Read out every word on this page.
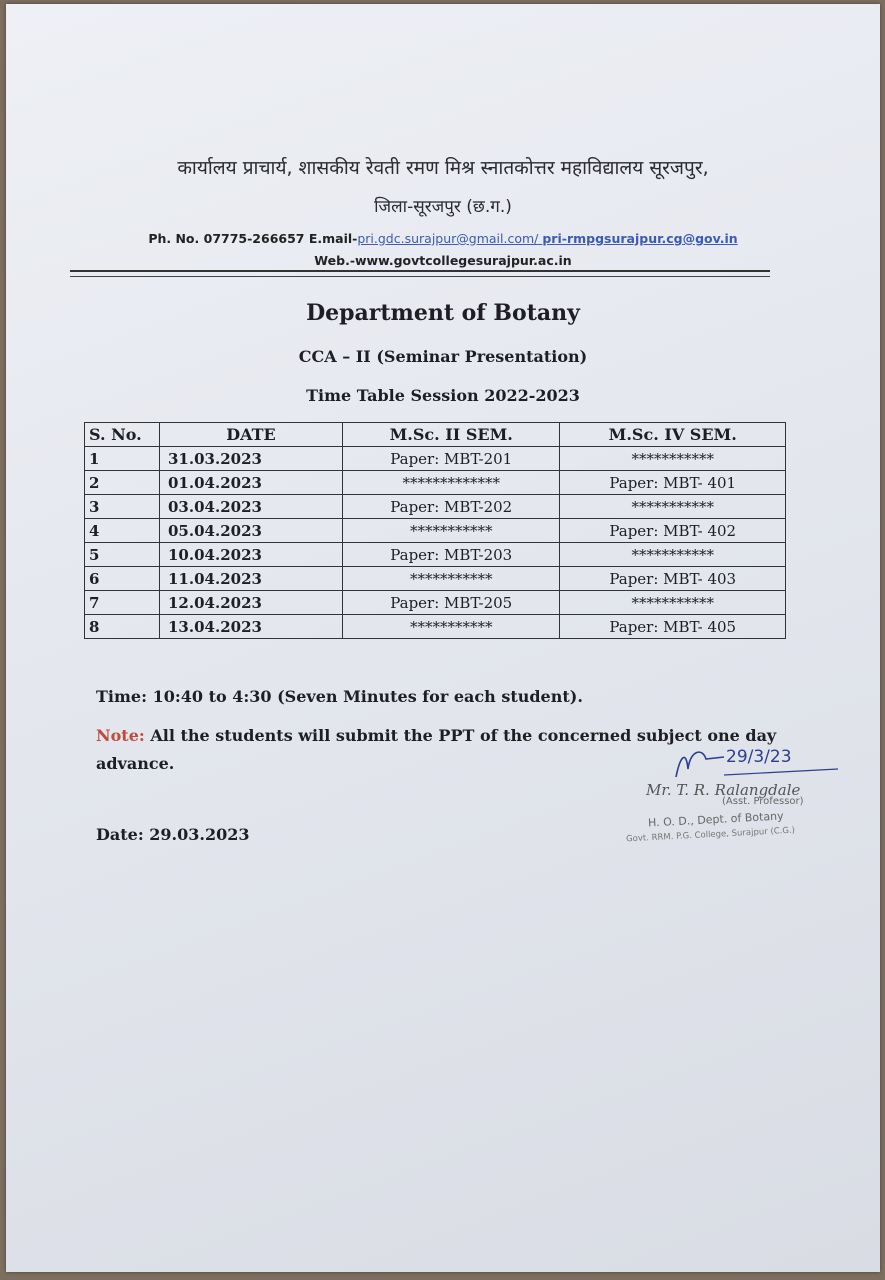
कार्यालय प्राचार्य, शासकीय रेवती रमण मिश्र स्नातकोत्तर महाविद्यालय सूरजपुर,
जिला-सूरजपुर (छ.ग.)
Ph. No. 07775-266657 E.mail-pri.gdc.surajpur@gmail.com/ pri-rmpgsurajpur.cg@gov.in
Web.-www.govtcollegesurajpur.ac.in
Department of Botany
CCA – II (Seminar Presentation)
Time Table Session 2022-2023
S. No.	DATE	M.Sc. II SEM.	M.Sc. IV SEM.
1	31.03.2023	Paper: MBT-201	***********
2	01.04.2023	*************	Paper: MBT- 401
3	03.04.2023	Paper: MBT-202	***********
4	05.04.2023	***********	Paper: MBT- 402
5	10.04.2023	Paper: MBT-203	***********
6	11.04.2023	***********	Paper: MBT- 403
7	12.04.2023	Paper: MBT-205	***********
8	13.04.2023	***********	Paper: MBT- 405
Time: 10:40 to 4:30 (Seven Minutes for each student).
Note: All the students will submit the PPT of the concerned subject one day advance.
Date: 29.03.2023
29/3/23
Mr. T. R. Ralangdale
(Asst. Professor)
H. O. D., Dept. of Botany
Govt. RRM. P.G. College, Surajpur (C.G.)
